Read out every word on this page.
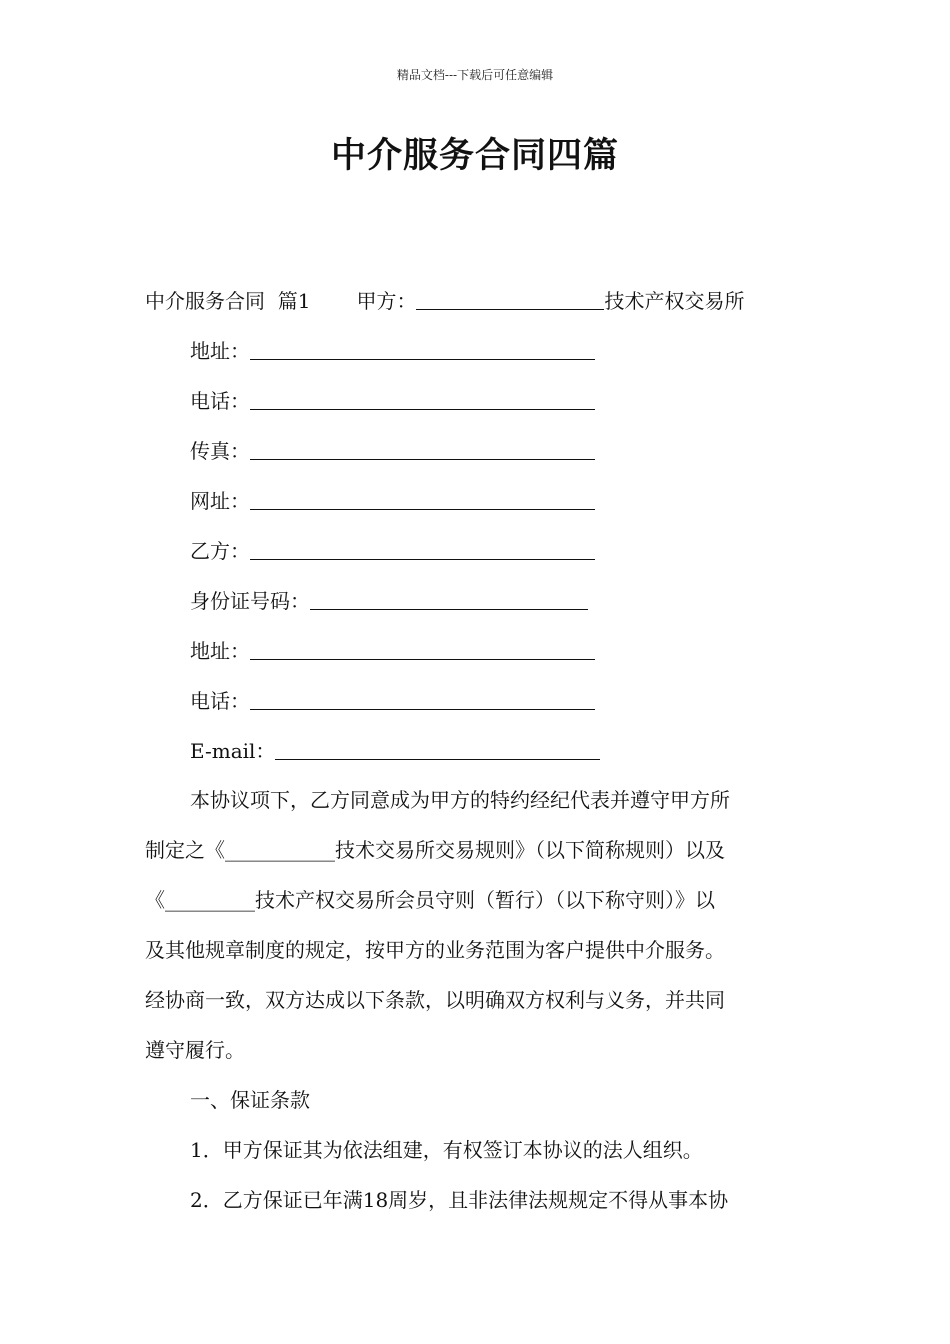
精品文档---下载后可任意编辑
中介服务合同四篇
中介服务合同  篇1 甲方：	技术产权交易所
地址：
电话：
传真：
网址：
乙方：
身份证号码：
地址：
电话：
E-mail：
本协议项下，乙方同意成为甲方的特约经纪代表并遵守甲方所
制定之《___________技术交易所交易规则》（以下简称规则）以及
《_________技术产权交易所会员守则（暂行）（以下称守则）》以
及其他规章制度的规定，按甲方的业务范围为客户提供中介服务。
经协商一致，双方达成以下条款，以明确双方权利与义务，并共同
遵守履行。
一、保证条款
1．甲方保证其为依法组建，有权签订本协议的法人组织。
2．乙方保证已年满18周岁，且非法律法规规定不得从事本协
